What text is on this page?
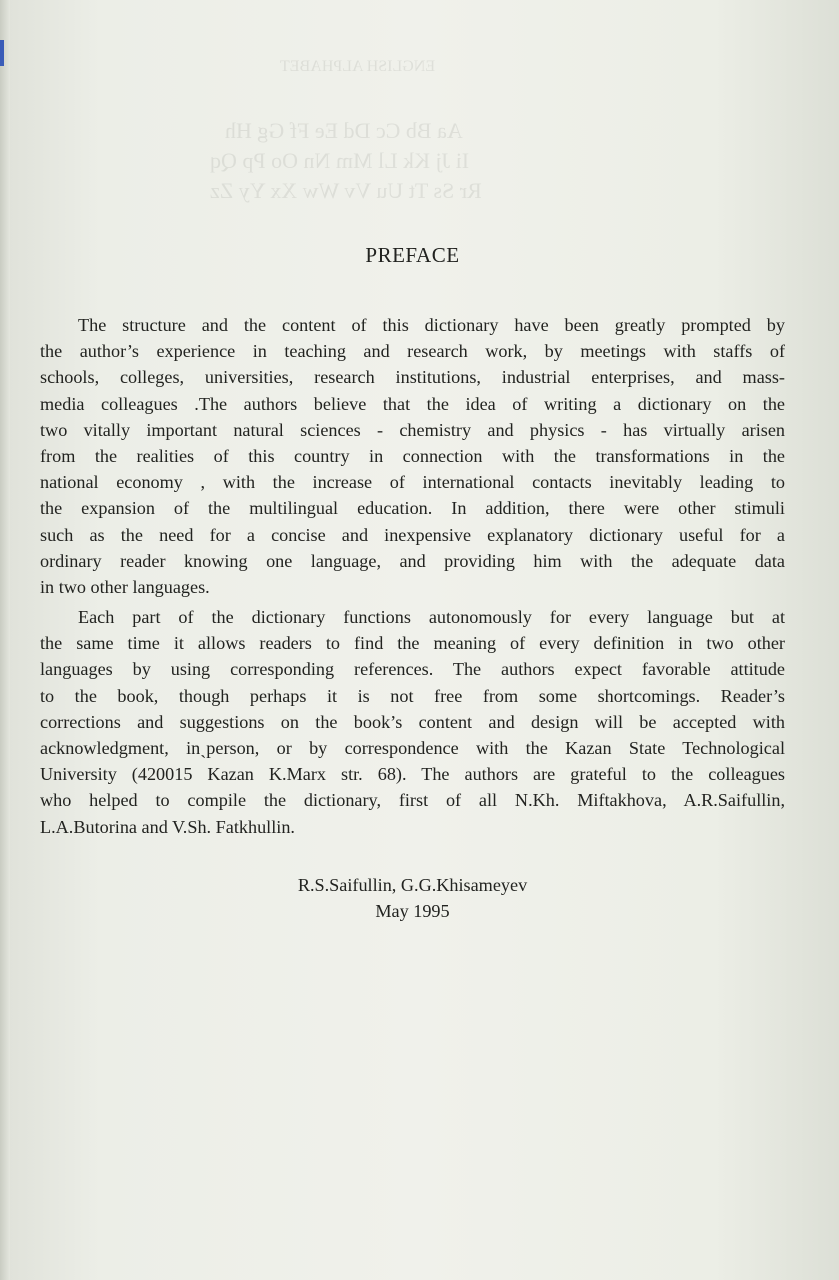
ENGLISH ALPHABET
Aa Bb Cc Dd Ee Ff Gg Hh
Ii Jj Kk Ll Mm Nn Oo Pp Qq
Rr Ss Tt Uu Vv Ww Xx Yy Zz
PREFACE
The structure and the content of this dictionary have been greatly prompted by
the author’s experience in teaching and research work, by meetings with staffs of
schools, colleges, universities, research institutions, industrial enterprises, and mass-
media colleagues .The authors believe that the idea of writing a dictionary on the
two vitally important natural sciences - chemistry and physics - has virtually arisen
from the realities of this country in connection with the transformations in the
national economy , with the increase of international contacts inevitably leading to
the expansion of the multilingual education. In addition, there were other stimuli
such as the need for a concise and inexpensive explanatory dictionary useful for a
ordinary reader knowing one language, and providing him with the adequate data
in two other languages.
Each part of the dictionary functions autonomously for every language but at
the same time it allows readers to find the meaning of every definition in two other
languages by using corresponding references. The authors expect favorable attitude
to the book, though perhaps it is not free from some shortcomings. Reader’s
corrections and suggestions on the book’s content and design will be accepted with
acknowledgment, inˏperson, or by correspondence with the Kazan State Technological
University (420015 Kazan K.Marx str. 68). The authors are grateful to the colleagues
who helped to compile the dictionary, first of all N.Kh. Miftakhova, A.R.Saifullin,
L.A.Butorina and V.Sh. Fatkhullin.
R.S.Saifullin, G.G.Khisameyev
May 1995
